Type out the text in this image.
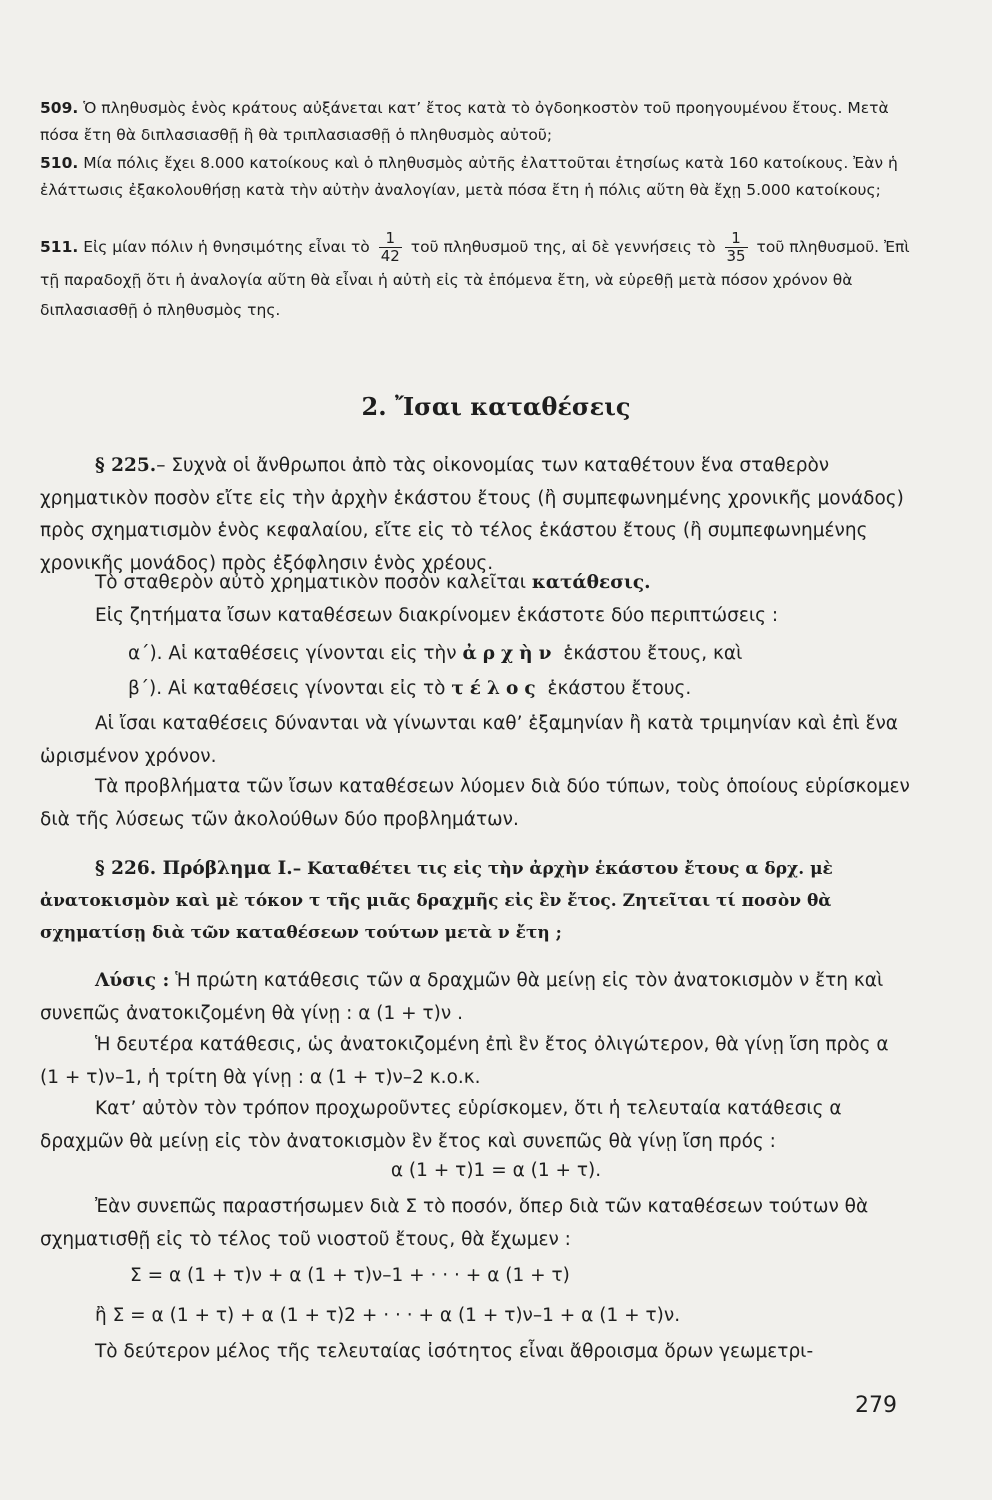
509. Ὁ πληθυσμὸς ἑνὸς κράτους αὐξάνεται κατ’ ἔτος κατὰ τὸ ὀγδοηκοστὸν τοῦ προηγουμένου ἔτους. Μετὰ πόσα ἔτη θὰ διπλασιασθῇ ἢ θὰ τριπλασιασθῇ ὁ πληθυσμὸς αὐτοῦ;

510. Μία πόλις ἔχει 8.000 κατοίκους καὶ ὁ πληθυσμὸς αὐτῆς ἐλαττοῦται ἐτησίως κατὰ 160 κατοίκους. Ἐὰν ἡ ἐλάττωσις ἐξακολουθήσῃ κατὰ τὴν αὐτὴν ἀναλογίαν, μετὰ πόσα ἔτη ἡ πόλις αὕτη θὰ ἔχῃ 5.000 κατοίκους;

511. Εἰς μίαν πόλιν ἡ θνησιμότης εἶναι τὸ $\frac{1}{42}$ τοῦ πληθυσμοῦ της, αἱ δὲ γεννήσεις τὸ $\frac{1}{35}$ τοῦ πληθυσμοῦ. Ἐπὶ τῇ παραδοχῇ ὅτι ἡ ἀναλογία αὕτη θὰ εἶναι ἡ αὐτὴ εἰς τὰ ἑπόμενα ἔτη, νὰ εὑρεθῇ μετὰ πόσον χρόνον θὰ διπλασιασθῇ ὁ πληθυσμὸς της.

2. Ἴσαι καταθέσεις

§ 225.– Συχνὰ οἱ ἄνθρωποι ἀπὸ τὰς οἰκονομίας των καταθέτουν ἕνα σταθερὸν χρηματικὸν ποσὸν εἴτε εἰς τὴν ἀρχὴν ἑκάστου ἔτους (ἢ συμπεφωνημένης χρονικῆς μονάδος) πρὸς σχηματισμὸν ἑνὸς κεφαλαίου, εἴτε εἰς τὸ τέλος ἑκάστου ἔτους (ἢ συμπεφωνημένης χρονικῆς μονάδος) πρὸς ἐξόφλησιν ἑνὸς χρέους.

Τὸ σταθερὸν αὐτὸ χρηματικὸν ποσὸν καλεῖται κατάθεσις.

Εἰς ζητήματα ἴσων καταθέσεων διακρίνομεν ἑκάστοτε δύο περιπτώσεις :

α΄). Αἱ καταθέσεις γίνονται εἰς τὴν ἀρχὴν ἑκάστου ἔτους, καὶ

β΄). Αἱ καταθέσεις γίνονται εἰς τὸ τέλος ἑκάστου ἔτους.

Αἱ ἴσαι καταθέσεις δύνανται νὰ γίνωνται καθ’ ἑξαμηνίαν ἢ κατὰ τριμηνίαν καὶ ἐπὶ ἕνα ὡρισμένον χρόνον.

Τὰ προβλήματα τῶν ἴσων καταθέσεων λύομεν διὰ δύο τύπων, τοὺς ὁποίους εὑρίσκομεν διὰ τῆς λύσεως τῶν ἀκολούθων δύο προβλημάτων.

§ 226. Πρόβλημα Ι.– Καταθέτει τις εἰς τὴν ἀρχὴν ἑκάστου ἔτους α δρχ. μὲ ἀνατοκισμὸν καὶ μὲ τόκον τ τῆς μιᾶς δραχμῆς εἰς ἓν ἔτος. Ζητεῖται τί ποσὸν θὰ σχηματίσῃ διὰ τῶν καταθέσεων τούτων μετὰ ν ἔτη ;

Λύσις : Ἡ πρώτη κατάθεσις τῶν α δραχμῶν θὰ μείνῃ εἰς τὸν ἀνατοκισμὸν ν ἔτη καὶ συνεπῶς ἀνατοκιζομένη θὰ γίνῃ : α (1 + τ)ν .

Ἡ δευτέρα κατάθεσις, ὡς ἀνατοκιζομένη ἐπὶ ἓν ἔτος ὀλιγώτερον, θὰ γίνῃ ἴση πρὸς α (1 + τ)ν–1, ἡ τρίτη θὰ γίνῃ : α (1 + τ)ν–2 κ.ο.κ.

Κατ’ αὐτὸν τὸν τρόπον προχωροῦντες εὑρίσκομεν, ὅτι ἡ τελευταία κατάθεσις α δραχμῶν θὰ μείνῃ εἰς τὸν ἀνατοκισμὸν ἓν ἔτος καὶ συνεπῶς θὰ γίνῃ ἴση πρός :

α (1 + τ)1 = α (1 + τ).

Ἐὰν συνεπῶς παραστήσωμεν διὰ Σ τὸ ποσόν, ὅπερ διὰ τῶν καταθέσεων τούτων θὰ σχηματισθῇ εἰς τὸ τέλος τοῦ νιοστοῦ ἔτους, θὰ ἔχωμεν :

Σ = α (1 + τ)ν + α (1 + τ)ν–1 + · · · + α (1 + τ)

ἢ Σ = α (1 + τ) + α (1 + τ)2 + · · · + α (1 + τ)ν–1 + α (1 + τ)ν.

Τὸ δεύτερον μέλος τῆς τελευταίας ἰσότητος εἶναι ἄθροισμα ὅρων γεωμετρι-

279
